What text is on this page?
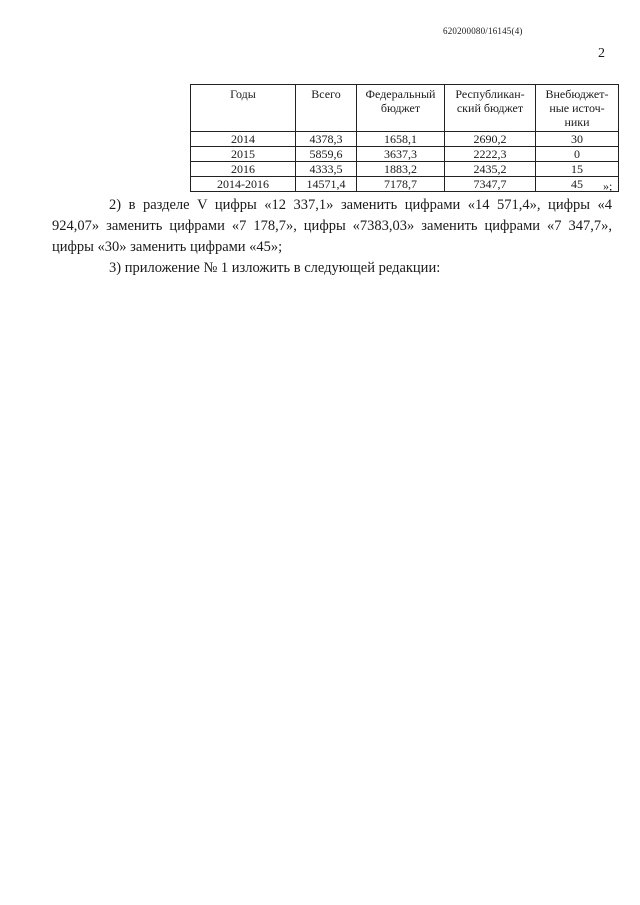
620200080/16145(4)
2
Годы	Всего	Федеральный бюджет	Республикан-ский бюджет	Внебюджет-ные источ-ники
2014	4378,3	1658,1	2690,2	30
2015	5859,6	3637,3	2222,3	0
2016	4333,5	1883,2	2435,2	15
2014-2016	14571,4	7178,7	7347,7	45 »;

2) в разделе V цифры «12 337,1» заменить цифрами «14 571,4», цифры «4 924,07» заменить цифрами «7 178,7», цифры «7383,03» заменить цифрами «7 347,7», цифры «30» заменить цифрами «45»;

3) приложение № 1 изложить в следующей редакции:
